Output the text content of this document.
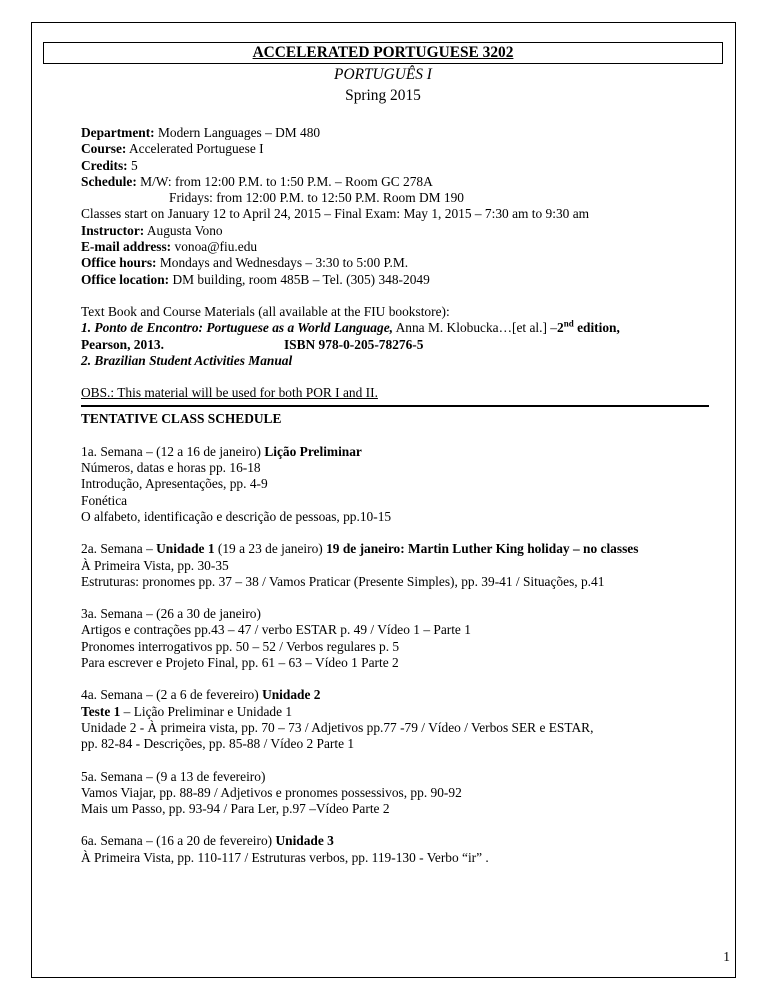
ACCELERATED PORTUGUESE 3202
PORTUGUÊS I
Spring 2015
Department: Modern Languages – DM 480
Course: Accelerated Portuguese I
Credits: 5
Schedule: M/W: from 12:00 P.M. to 1:50 P.M. – Room GC 278A
Fridays: from 12:00 P.M. to 12:50 P.M. Room DM 190
Classes start on January 12 to April 24, 2015 – Final Exam: May 1, 2015 – 7:30 am to 9:30 am
Instructor: Augusta Vono
E-mail address: vonoa@fiu.edu
Office hours: Mondays and Wednesdays – 3:30 to 5:00 P.M.
Office location: DM building, room 485B – Tel. (305) 348-2049
Text Book and Course Materials (all available at the FIU bookstore):
1. Ponto de Encontro: Portuguese as a World Language, Anna M. Klobucka…[et al.] –2nd edition,
Pearson, 2013.	ISBN 978-0-205-78276-5
2. Brazilian Student Activities Manual
OBS.: This material will be used for both POR I and II.
TENTATIVE CLASS SCHEDULE
1a. Semana – (12 a 16 de janeiro) Lição Preliminar
Números, datas e horas pp. 16-18
Introdução, Apresentações, pp. 4-9
Fonética
O alfabeto, identificação e descrição de pessoas, pp.10-15
2a. Semana – Unidade 1 (19 a 23 de janeiro) 19 de janeiro: Martin Luther King holiday – no classes
À Primeira Vista, pp. 30-35
Estruturas: pronomes pp. 37 – 38 / Vamos Praticar (Presente Simples), pp. 39-41 / Situações, p.41
3a. Semana – (26 a 30 de janeiro)
Artigos e contrações pp.43 – 47 / verbo ESTAR p. 49 / Vídeo 1 – Parte 1
Pronomes interrogativos pp. 50 – 52 / Verbos regulares p. 5
Para escrever e Projeto Final, pp. 61 – 63 – Vídeo 1 Parte 2
4a. Semana – (2 a 6 de fevereiro) Unidade 2
Teste 1 – Lição Preliminar e Unidade 1
Unidade 2 - À primeira vista, pp. 70 – 73 / Adjetivos pp.77 -79 / Vídeo / Verbos SER e ESTAR,
pp. 82-84 - Descrições, pp. 85-88 / Vídeo 2 Parte 1
5a. Semana – (9 a 13 de fevereiro)
Vamos Viajar, pp. 88-89 / Adjetivos e pronomes possessivos, pp. 90-92
Mais um Passo, pp. 93-94 / Para Ler, p.97 –Vídeo Parte 2
6a. Semana – (16 a 20 de fevereiro) Unidade 3
À Primeira Vista, pp. 110-117 / Estruturas verbos, pp. 119-130 - Verbo “ir” .
1
